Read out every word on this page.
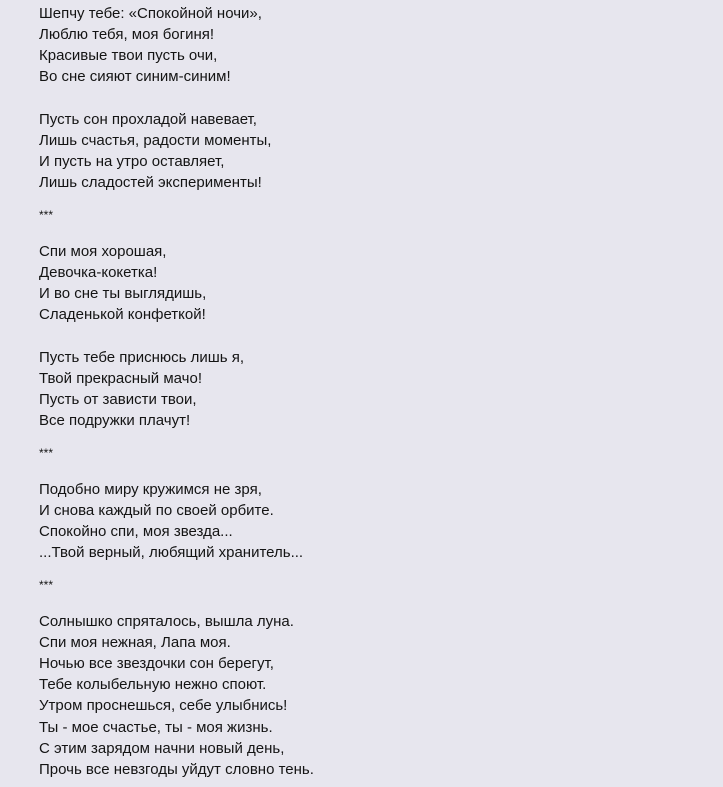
Шепчу тебе: «Спокойной ночи»,
Люблю тебя, моя богиня!
Красивые твои пусть очи,
Во сне сияют синим-синим!
Пусть сон прохладой навевает,
Лишь счастья, радости моменты,
И пусть на утро оставляет,
Лишь сладостей эксперименты!
***
Спи моя хорошая,
Девочка-кокетка!
И во сне ты выглядишь,
Сладенькой конфеткой!
Пусть тебе приснюсь лишь я,
Твой прекрасный мачо!
Пусть от зависти твои,
Все подружки плачут!
***
Подобно миру кружимся не зря,
И снова каждый по своей орбите.
Спокойно спи, моя звезда...
...Твой верный, любящий хранитель...
***
Солнышко спряталось, вышла луна.
Спи моя нежная, Лапа моя.
Ночью все звездочки сон берегут,
Тебе колыбельную нежно споют.
Утром проснешься, себе улыбнись!
Ты - мое счастье, ты - моя жизнь.
С этим зарядом начни новый день,
Прочь все невзгоды уйдут словно тень.
